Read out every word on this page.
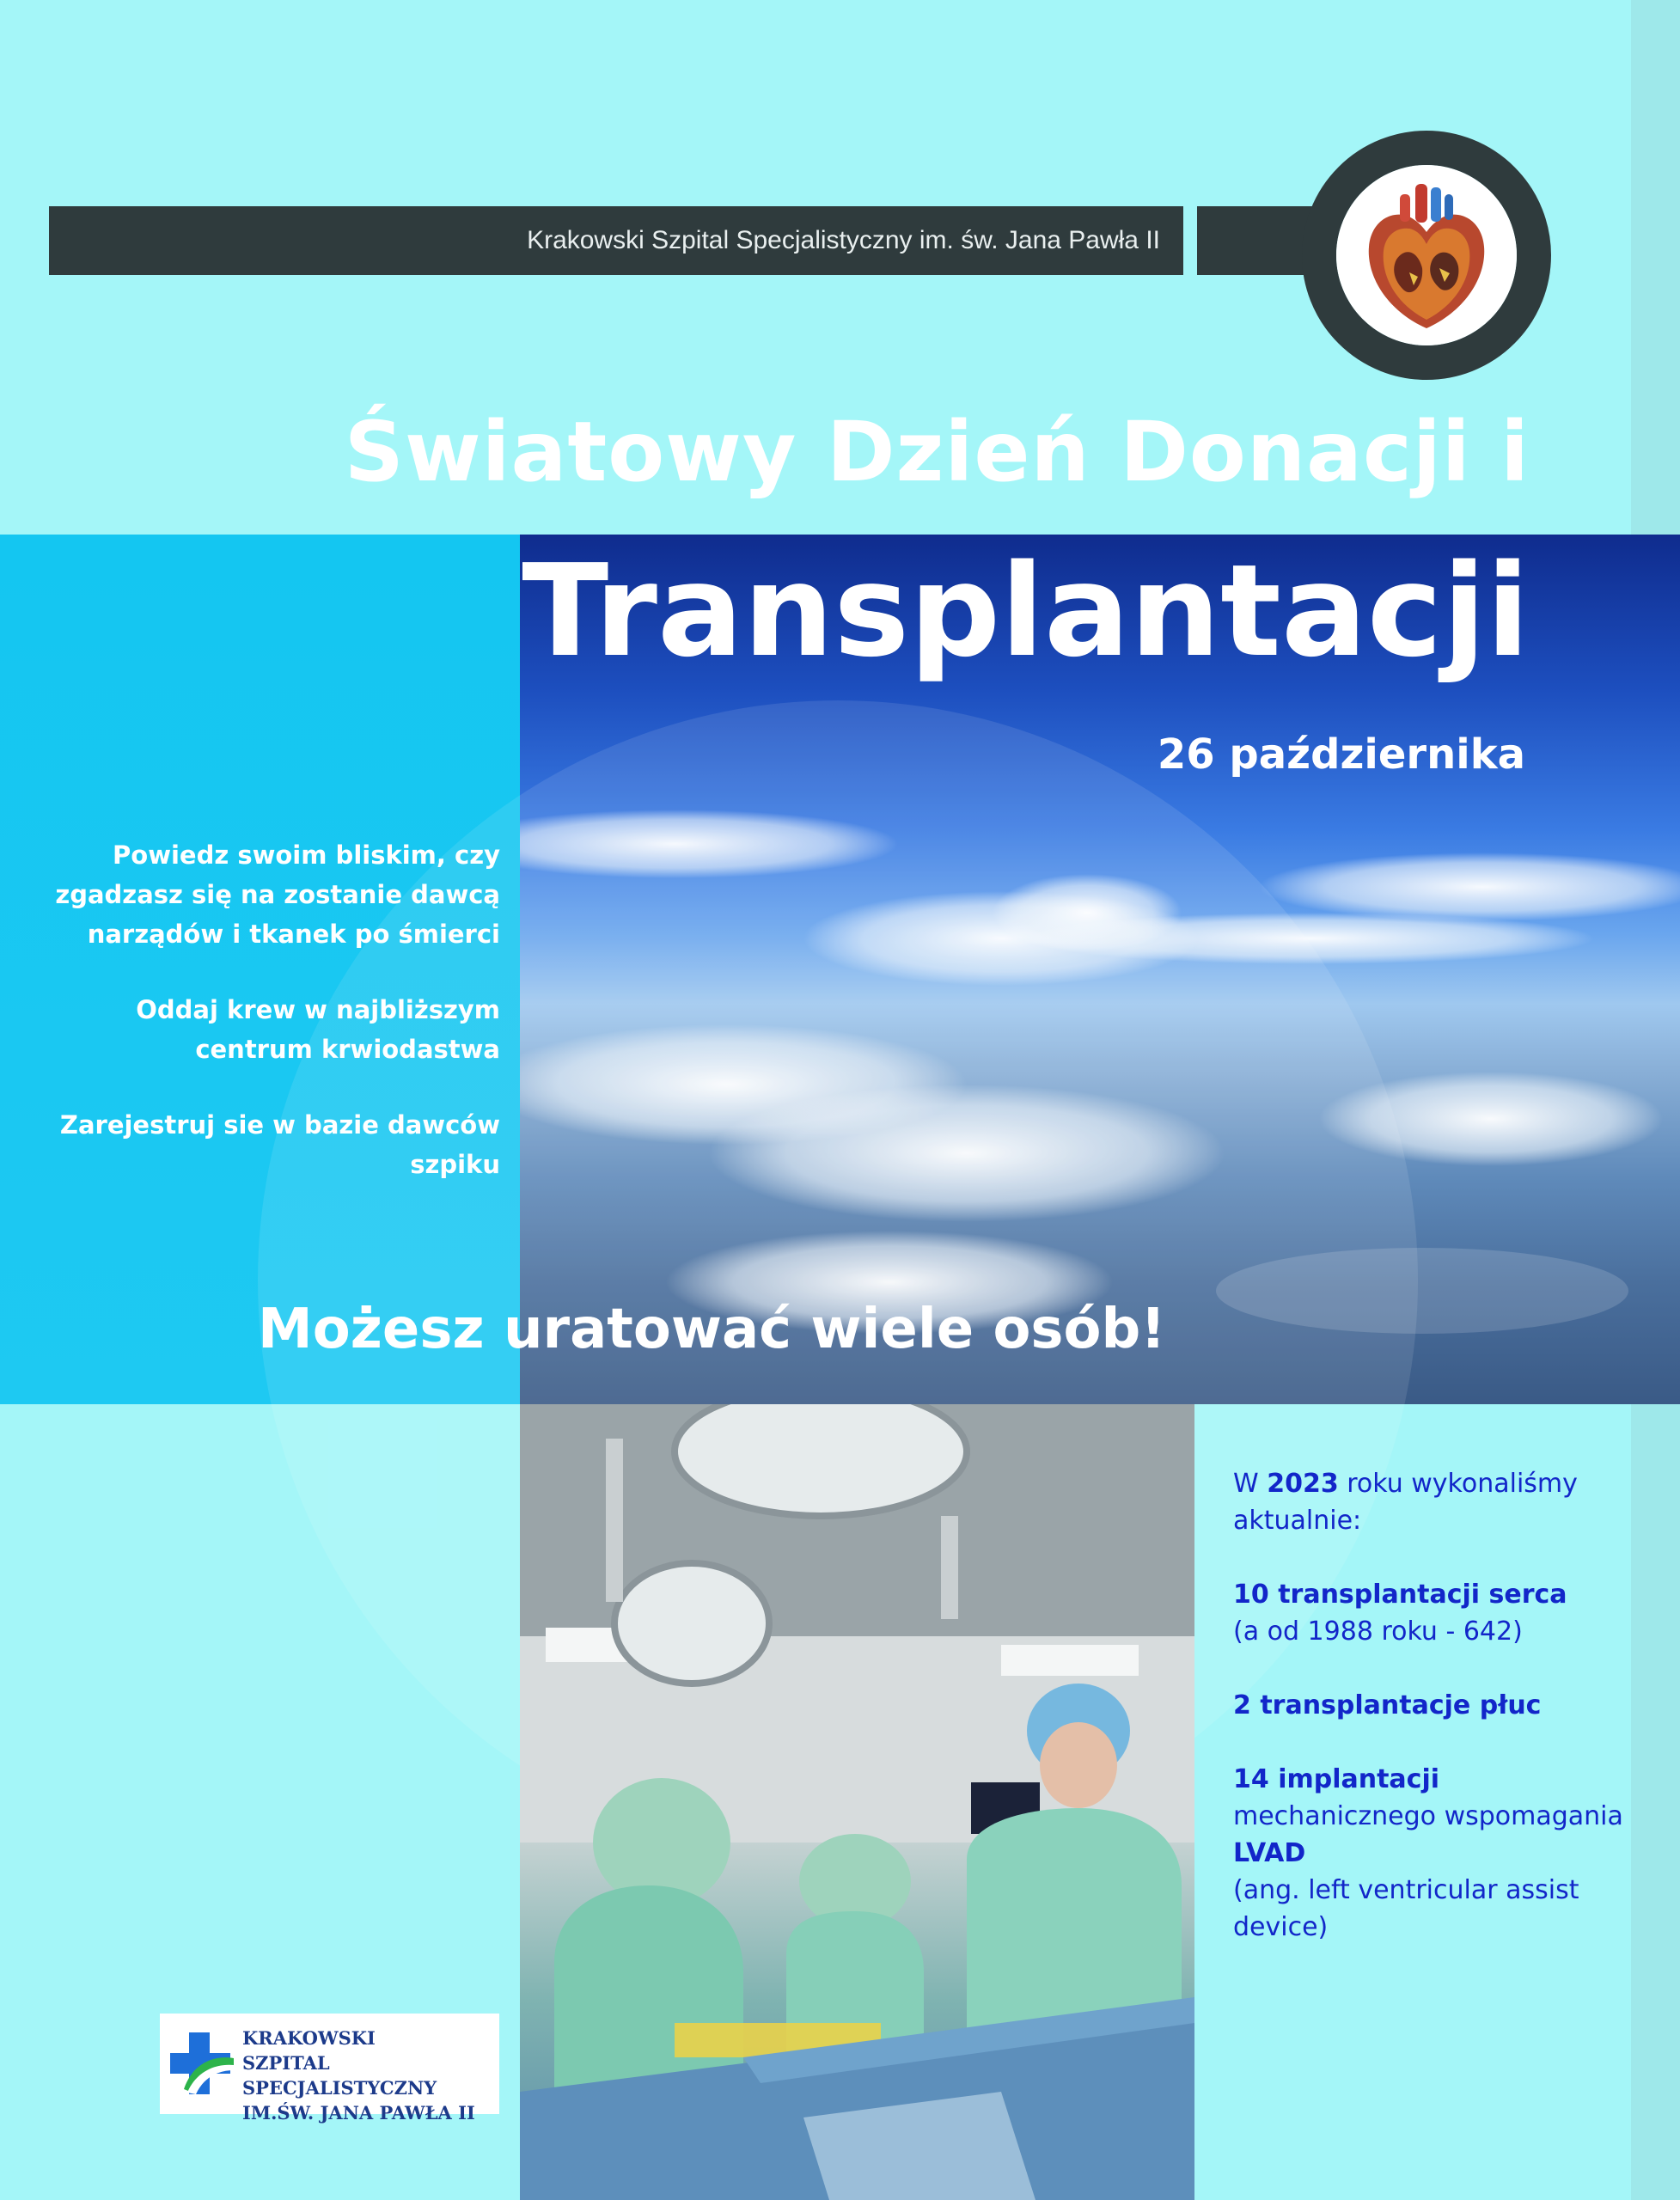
Krakowski Szpital Specjalistyczny im. św. Jana Pawła II
Światowy Dzień Donacji i
Transplantacji
26 października
Powiedz swoim bliskim, czy zgadzasz się na zostanie dawcą narządów i tkanek po śmierci
Oddaj krew w najbliższym centrum krwiodastwa
Zarejestruj sie w bazie dawców szpiku
Możesz uratować wiele osób!

W 2023 roku wykonaliśmy aktualnie:

10 transplantacji serca
(a od 1988 roku - 642)

2 transplantacje płuc

14 implantacji mechanicznego wspomagania LVAD
(ang. left ventricular assist device)

KRAKOWSKI
SZPITAL SPECJALISTYCZNY
IM.ŚW. JANA PAWŁA II
